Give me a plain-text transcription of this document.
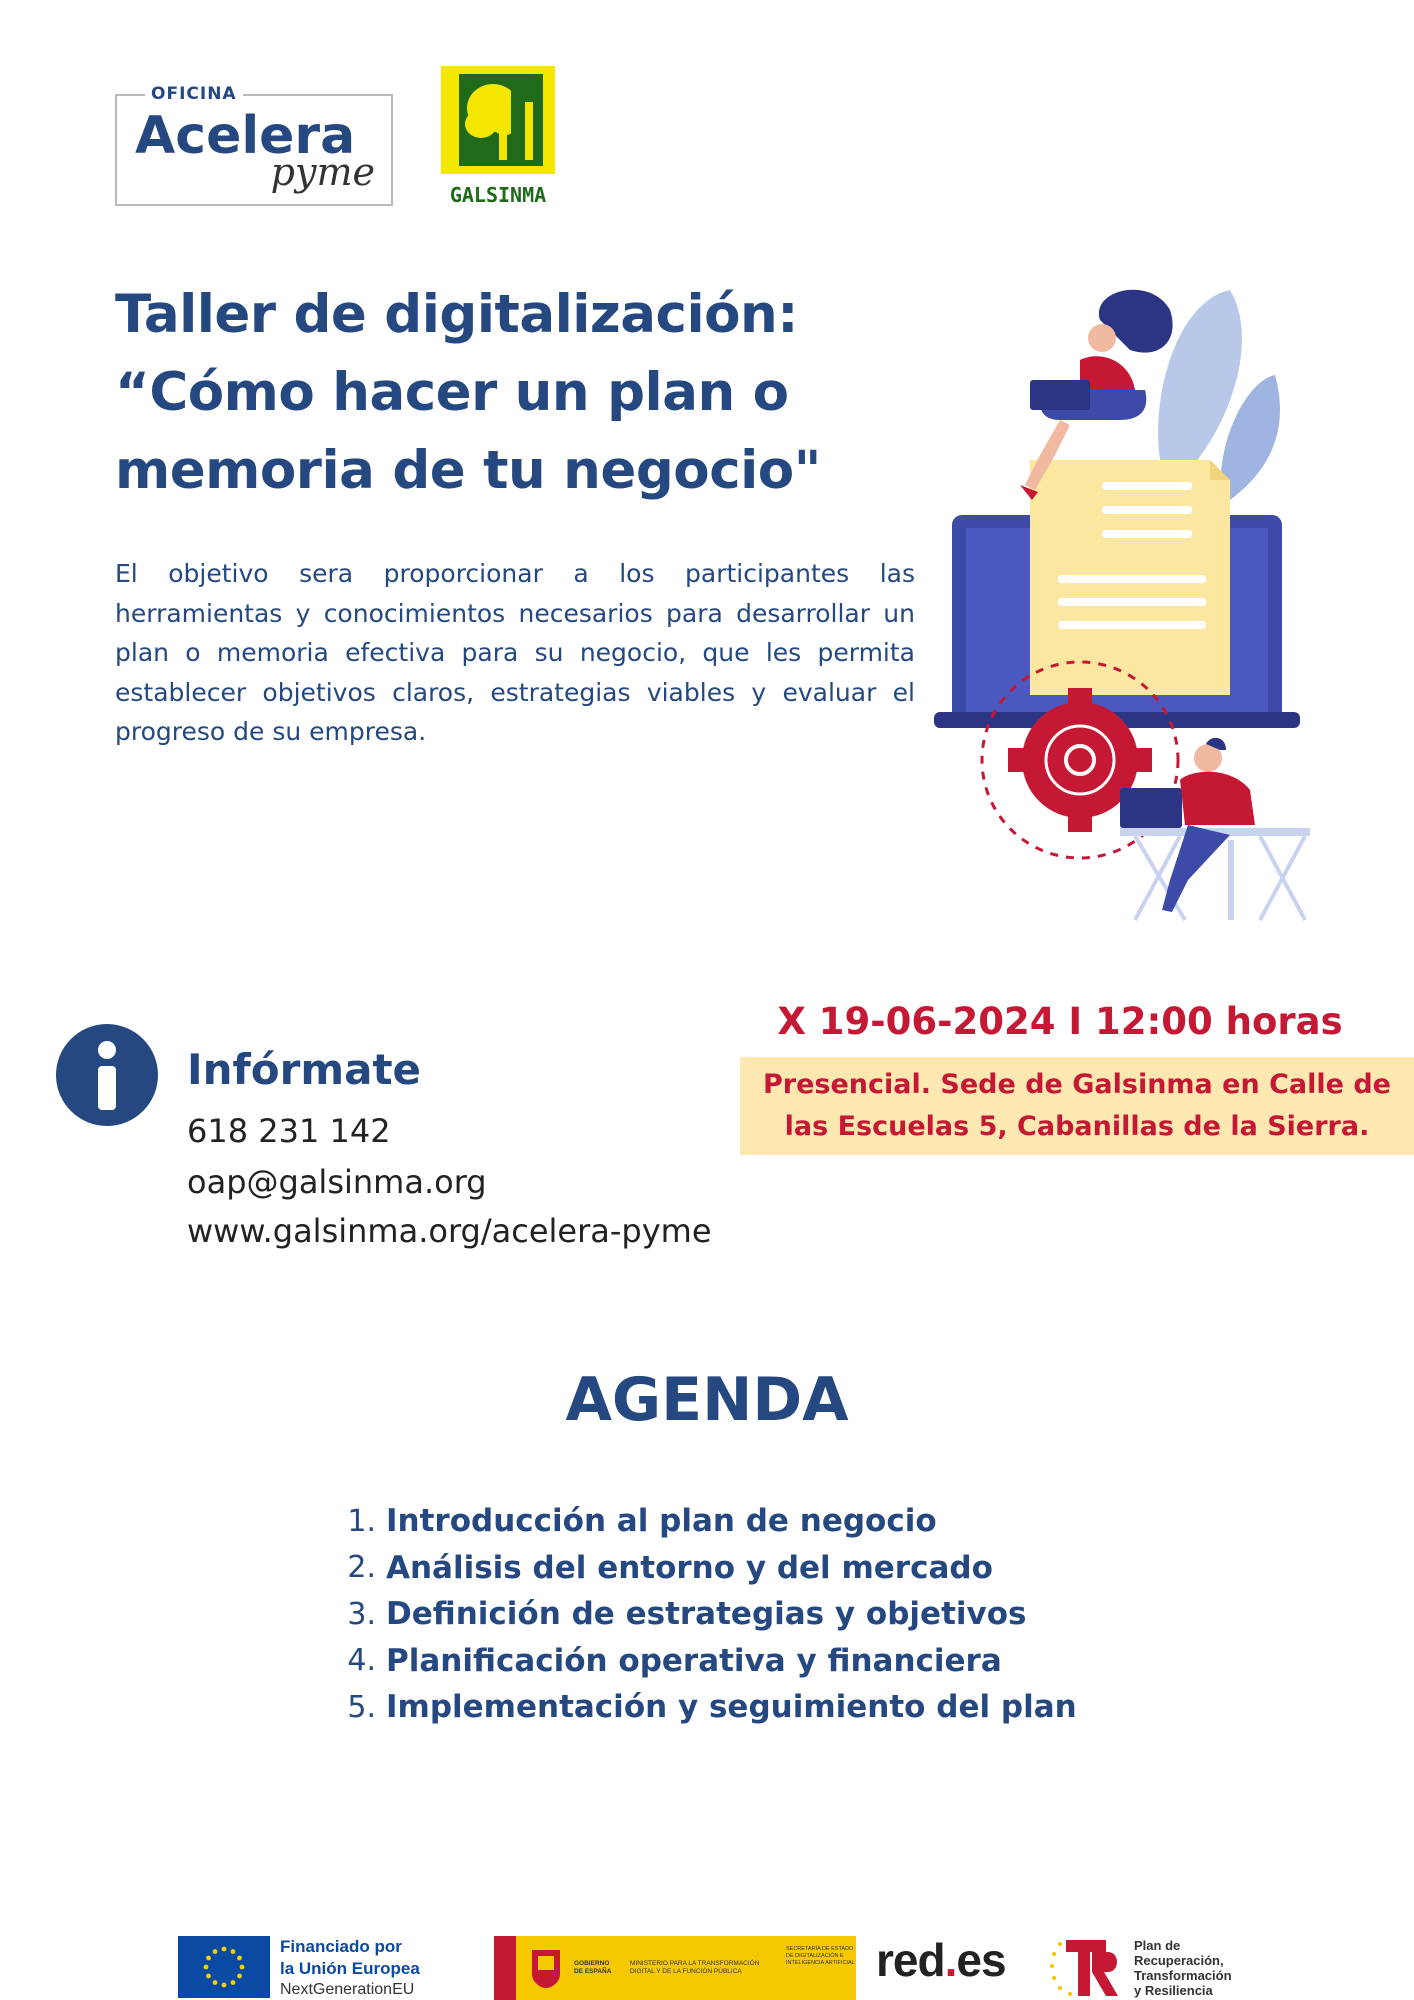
OFICINA
Acelera
pyme
GALSINMA
Taller de digitalización:
“Cómo hacer un plan o
memoria de tu negocio"

El objetivo sera proporcionar a los participantes las herramientas y conocimientos necesarios para desarrollar un plan o memoria efectiva para su negocio, que les permita establecer objetivos claros, estrategias viables y evaluar el progreso de su empresa.

Infórmate
618 231 142
oap@galsinma.org
www.galsinma.org/acelera-pyme
X 19-06-2024 I 12:00 horas
Presencial. Sede de Galsinma en Calle de
las Escuelas 5, Cabanillas de la Sierra.
AGENDA
1. Introducción al plan de negocio
2. Análisis del entorno y del mercado
3. Definición de estrategias y objetivos
4. Planificación operativa y financiera
5. Implementación y seguimiento del plan
Financiado por
la Unión Europea
NextGenerationEU
GOBIERNO DE ESPAÑA
MINISTERIO PARA LA TRANSFORMACIÓN DIGITAL Y DE LA FUNCIÓN PÚBLICA
SECRETARÍA DE ESTADO DE DIGITALIZACIÓN E INTELIGENCIA ARTIFICIAL red.es	Plan de
Recuperación,
Transformación
y Resiliencia
